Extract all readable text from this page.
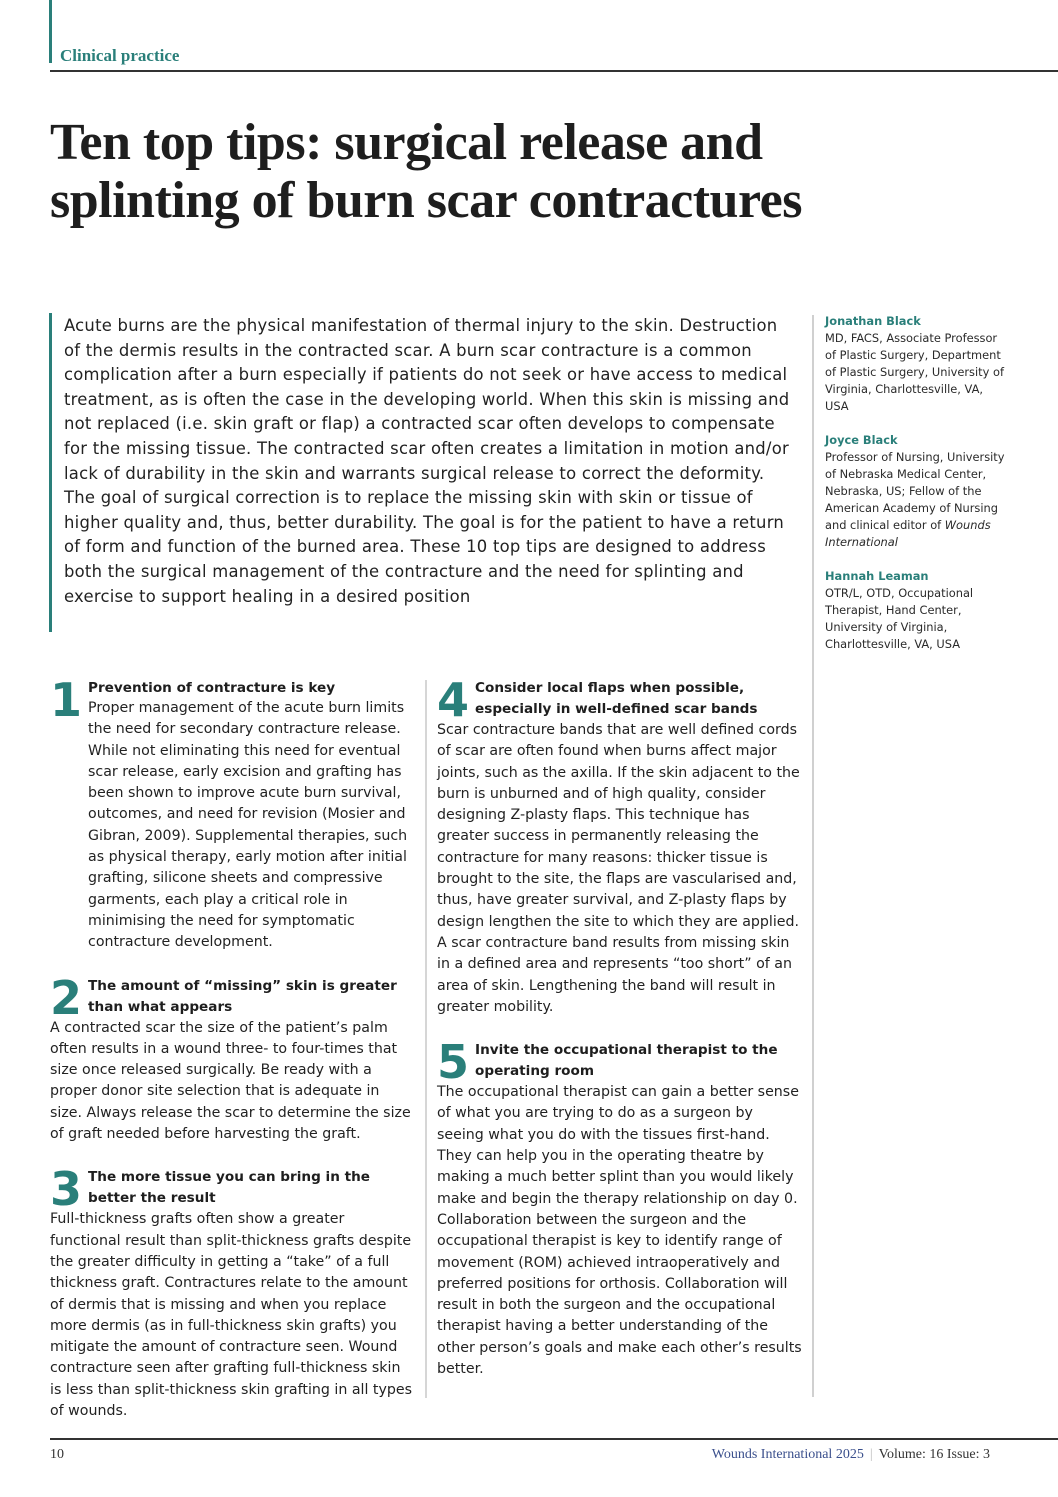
Clinical practice
Ten top tips: surgical release and splinting of burn scar contractures

Acute burns are the physical manifestation of thermal injury to the skin. Destruction of the dermis results in the contracted scar. A burn scar contracture is a common complication after a burn especially if patients do not seek or have access to medical treatment, as is often the case in the developing world. When this skin is missing and not replaced (i.e. skin graft or flap) a contracted scar often develops to compensate for the missing tissue. The contracted scar often creates a limitation in motion and/or lack of durability in the skin and warrants surgical release to correct the deformity. The goal of surgical correction is to replace the missing skin with skin or tissue of higher quality and, thus, better durability. The goal is for the patient to have a return of form and function of the burned area. These 10 top tips are designed to address both the surgical management of the contracture and the need for splinting and exercise to support healing in a desired position

Jonathan Black
MD, FACS, Associate Professor of Plastic Surgery, Department of Plastic Surgery, University of Virginia, Charlottesville, VA, USA
Joyce Black
Professor of Nursing, University of Nebraska Medical Center, Nebraska, US; Fellow of the American Academy of Nursing and clinical editor of Wounds International
Hannah Leaman
OTR/L, OTD, Occupational Therapist, Hand Center, University of Virginia, Charlottesville, VA, USA
1 Prevention of contracture is key

Proper management of the acute burn limits the need for secondary contracture release. While not eliminating this need for eventual scar release, early excision and grafting has been shown to improve acute burn survival, outcomes, and need for revision (Mosier and Gibran, 2009). Supplemental therapies, such as physical therapy, early motion after initial grafting, silicone sheets and compressive garments, each play a critical role in minimising the need for symptomatic contracture development.

2 The amount of “missing” skin is greater than what appears

A contracted scar the size of the patient’s palm often results in a wound three- to four-times that size once released surgically. Be ready with a proper donor site selection that is adequate in size. Always release the scar to determine the size of graft needed before harvesting the graft.

3 The more tissue you can bring in the better the result

Full-thickness grafts often show a greater functional result than split-thickness grafts despite the greater difficulty in getting a “take” of a full thickness graft. Contractures relate to the amount of dermis that is missing and when you replace more dermis (as in full-thickness skin grafts) you mitigate the amount of contracture seen. Wound contracture seen after grafting full-thickness skin is less than split-thickness skin grafting in all types of wounds.

4 Consider local flaps when possible, especially in well-defined scar bands

Scar contracture bands that are well defined cords of scar are often found when burns affect major joints, such as the axilla. If the skin adjacent to the burn is unburned and of high quality, consider designing Z-plasty flaps. This technique has greater success in permanently releasing the contracture for many reasons: thicker tissue is brought to the site, the flaps are vascularised and, thus, have greater survival, and Z-plasty flaps by design lengthen the site to which they are applied. A scar contracture band results from missing skin in a defined area and represents “too short” of an area of skin. Lengthening the band will result in greater mobility.

5 Invite the occupational therapist to the operating room

The occupational therapist can gain a better sense of what you are trying to do as a surgeon by seeing what you do with the tissues first-hand. They can help you in the operating theatre by making a much better splint than you would likely make and begin the therapy relationship on day 0. Collaboration between the surgeon and the occupational therapist is key to identify range of movement (ROM) achieved intraoperatively and preferred positions for orthosis. Collaboration will result in both the surgeon and the occupational therapist having a better understanding of the other person’s goals and make each other’s results better.

10	Wounds International 2025 | Volume: 16 Issue: 3
